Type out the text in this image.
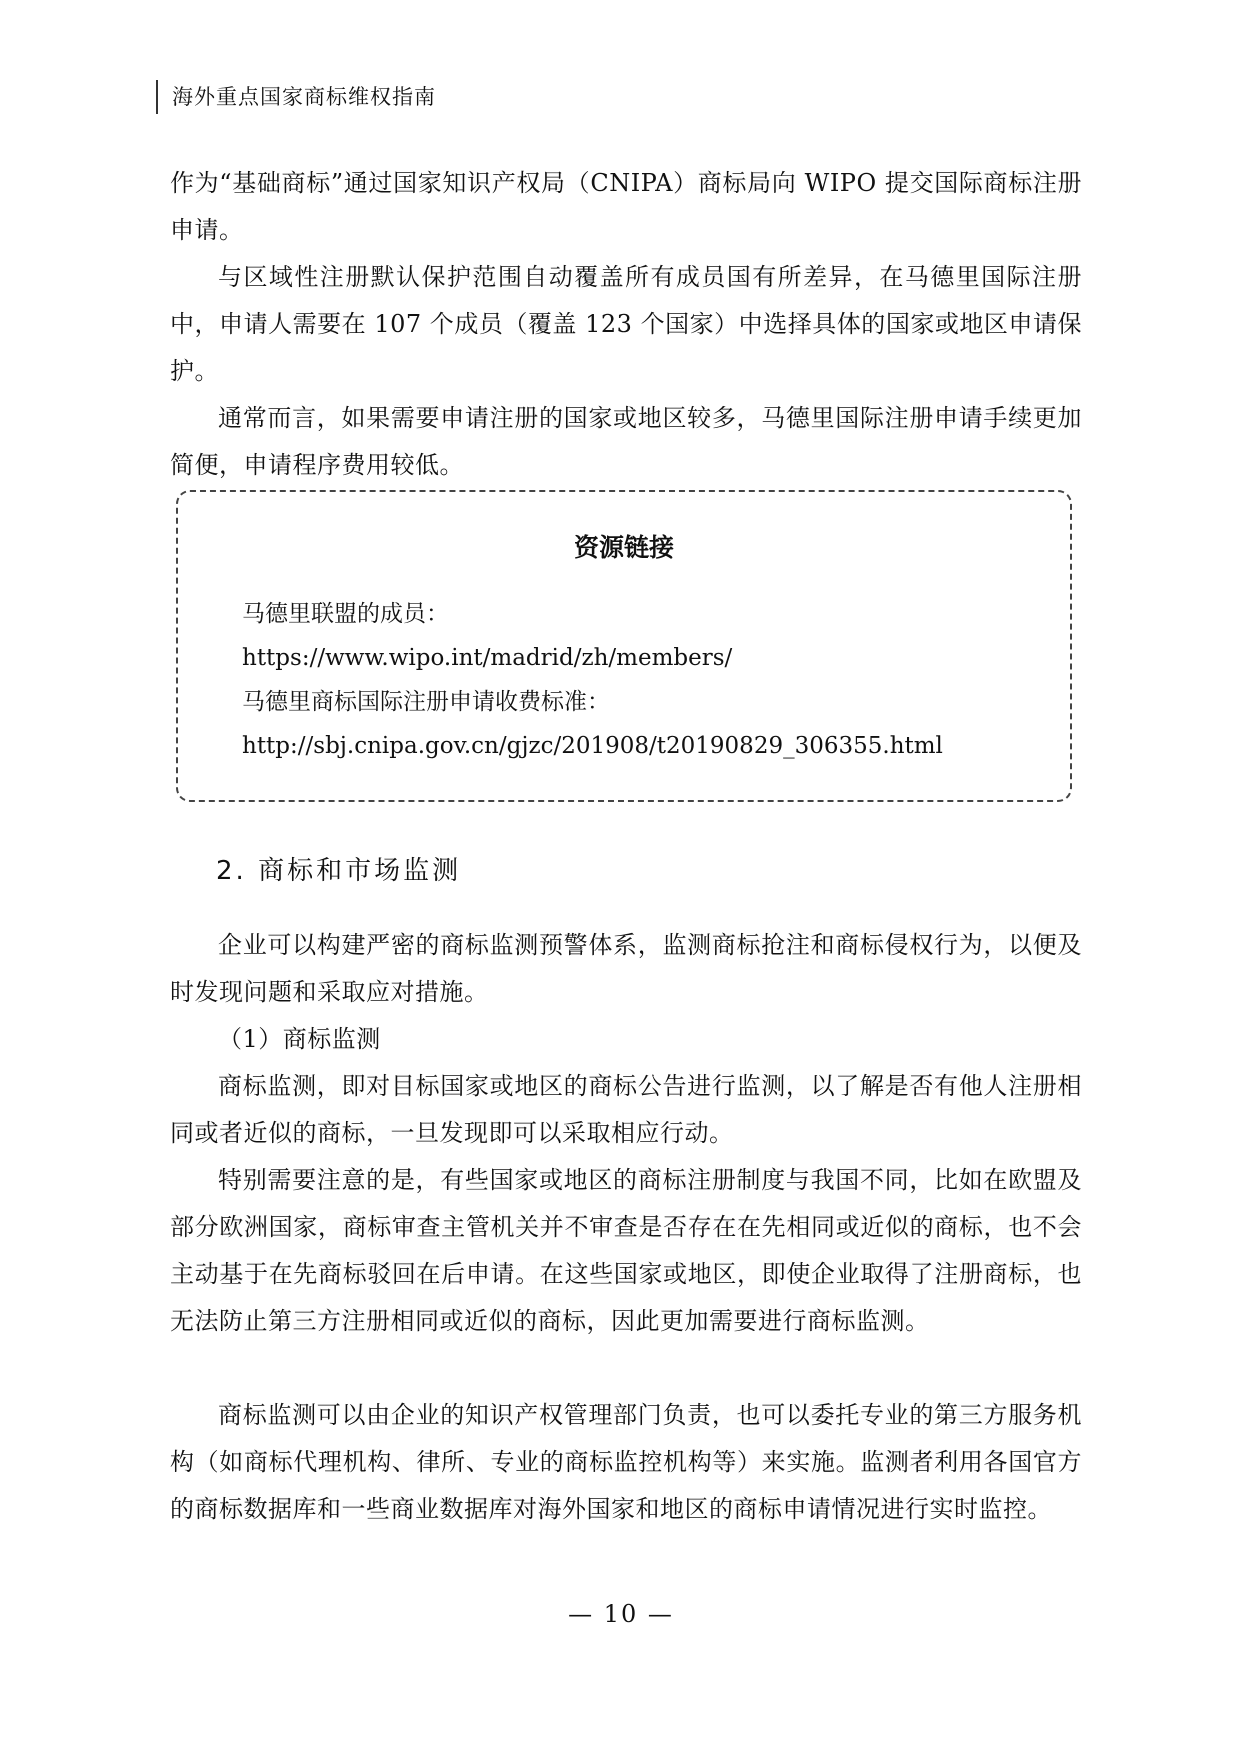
海外重点国家商标维权指南

作为“基础商标”通过国家知识产权局（CNIPA）商标局向 WIPO 提交国际商标注册申请。

与区域性注册默认保护范围自动覆盖所有成员国有所差异，在马德里国际注册中，申请人需要在 107 个成员（覆盖 123 个国家）中选择具体的国家或地区申请保护。

通常而言，如果需要申请注册的国家或地区较多，马德里国际注册申请手续更加简便，申请程序费用较低。

资源链接
马德里联盟的成员：
https://www.wipo.int/madrid/zh/members/
马德里商标国际注册申请收费标准：
http://sbj.cnipa.gov.cn/gjzc/201908/t20190829_306355.html
2. 商标和市场监测

企业可以构建严密的商标监测预警体系，监测商标抢注和商标侵权行为，以便及时发现问题和采取应对措施。

（1）商标监测

商标监测，即对目标国家或地区的商标公告进行监测，以了解是否有他人注册相同或者近似的商标，一旦发现即可以采取相应行动。

特别需要注意的是，有些国家或地区的商标注册制度与我国不同，比如在欧盟及部分欧洲国家，商标审查主管机关并不审查是否存在在先相同或近似的商标，也不会主动基于在先商标驳回在后申请。在这些国家或地区，即使企业取得了注册商标，也无法防止第三方注册相同或近似的商标，因此更加需要进行商标监测。

商标监测可以由企业的知识产权管理部门负责，也可以委托专业的第三方服务机构（如商标代理机构、律所、专业的商标监控机构等）来实施。监测者利用各国官方的商标数据库和一些商业数据库对海外国家和地区的商标申请情况进行实时监控。

— 10 —
